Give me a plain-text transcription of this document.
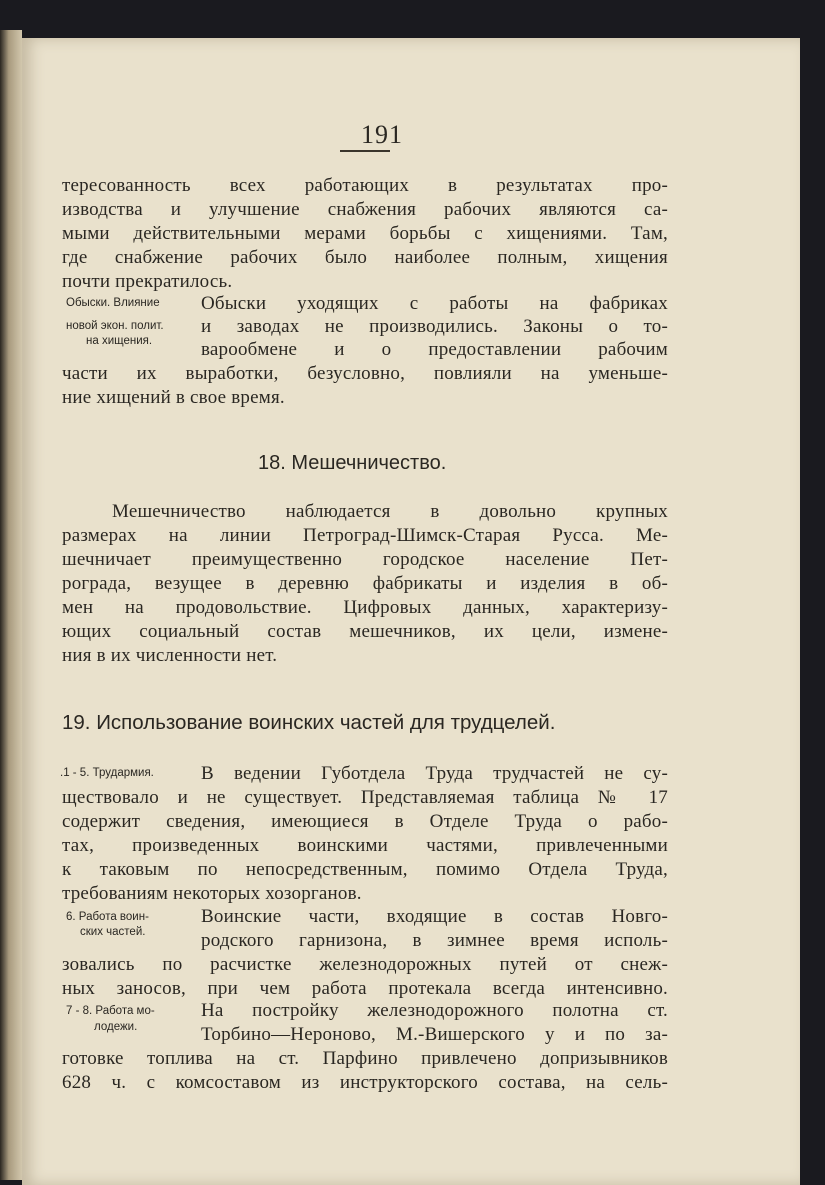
191
тересованность всех работающих в результатах про-
изводства и улучшение снабжения рабочих являются са-
мыми действительными мерами борьбы с хищениями. Там,
где снабжение рабочих было наиболее полным, хищения
почти прекратилось.
Обыски. Влияние
новой экон. полит.
на хищения.
Обыски уходящих с работы на фабриках
и заводах не производились. Законы о то-
варообмене и о предоставлении рабочим
части их выработки, безусловно, повлияли на уменьше-
ние хищений в свое время.
18. Мешечничество.
Мешечничество наблюдается в довольно крупных
размерах на линии Петроград-Шимск-Старая Русса. Ме-
шечничает преимущественно городское население Пет-
рограда, везущее в деревню фабрикаты и изделия в об-
мен на продовольствие. Цифровых данных, характеризу-
ющих социальный состав мешечников, их цели, измене-
ния в их численности нет.
19. Использование воинских частей для трудцелей.
.1 - 5. Трудармия.	В ведении Губотдела Труда трудчастей не су-
ществовало и не существует. Представляемая таблица № 17
содержит сведения, имеющиеся в Отделе Труда о рабо-
тах, произведенных воинскими частями, привлеченными
к таковым по непосредственным, помимо Отдела Труда,
требованиям некоторых хозорганов.
6. Работа воин-
ских частей.
Воинские части, входящие в состав Новго-
родского гарнизона, в зимнее время исполь-
зовались по расчистке железнодорожных путей от снеж-
ных заносов, при чем работа протекала всегда интенсивно.
7 - 8. Работа мо-
лодежи.
На постройку железнодорожного полотна ст.
Торбино—Нероново, М.-Вишерского у и по за-
готовке топлива на ст. Парфино привлечено допризывников
628 ч. с комсоставом из инструкторского состава, на сель-
